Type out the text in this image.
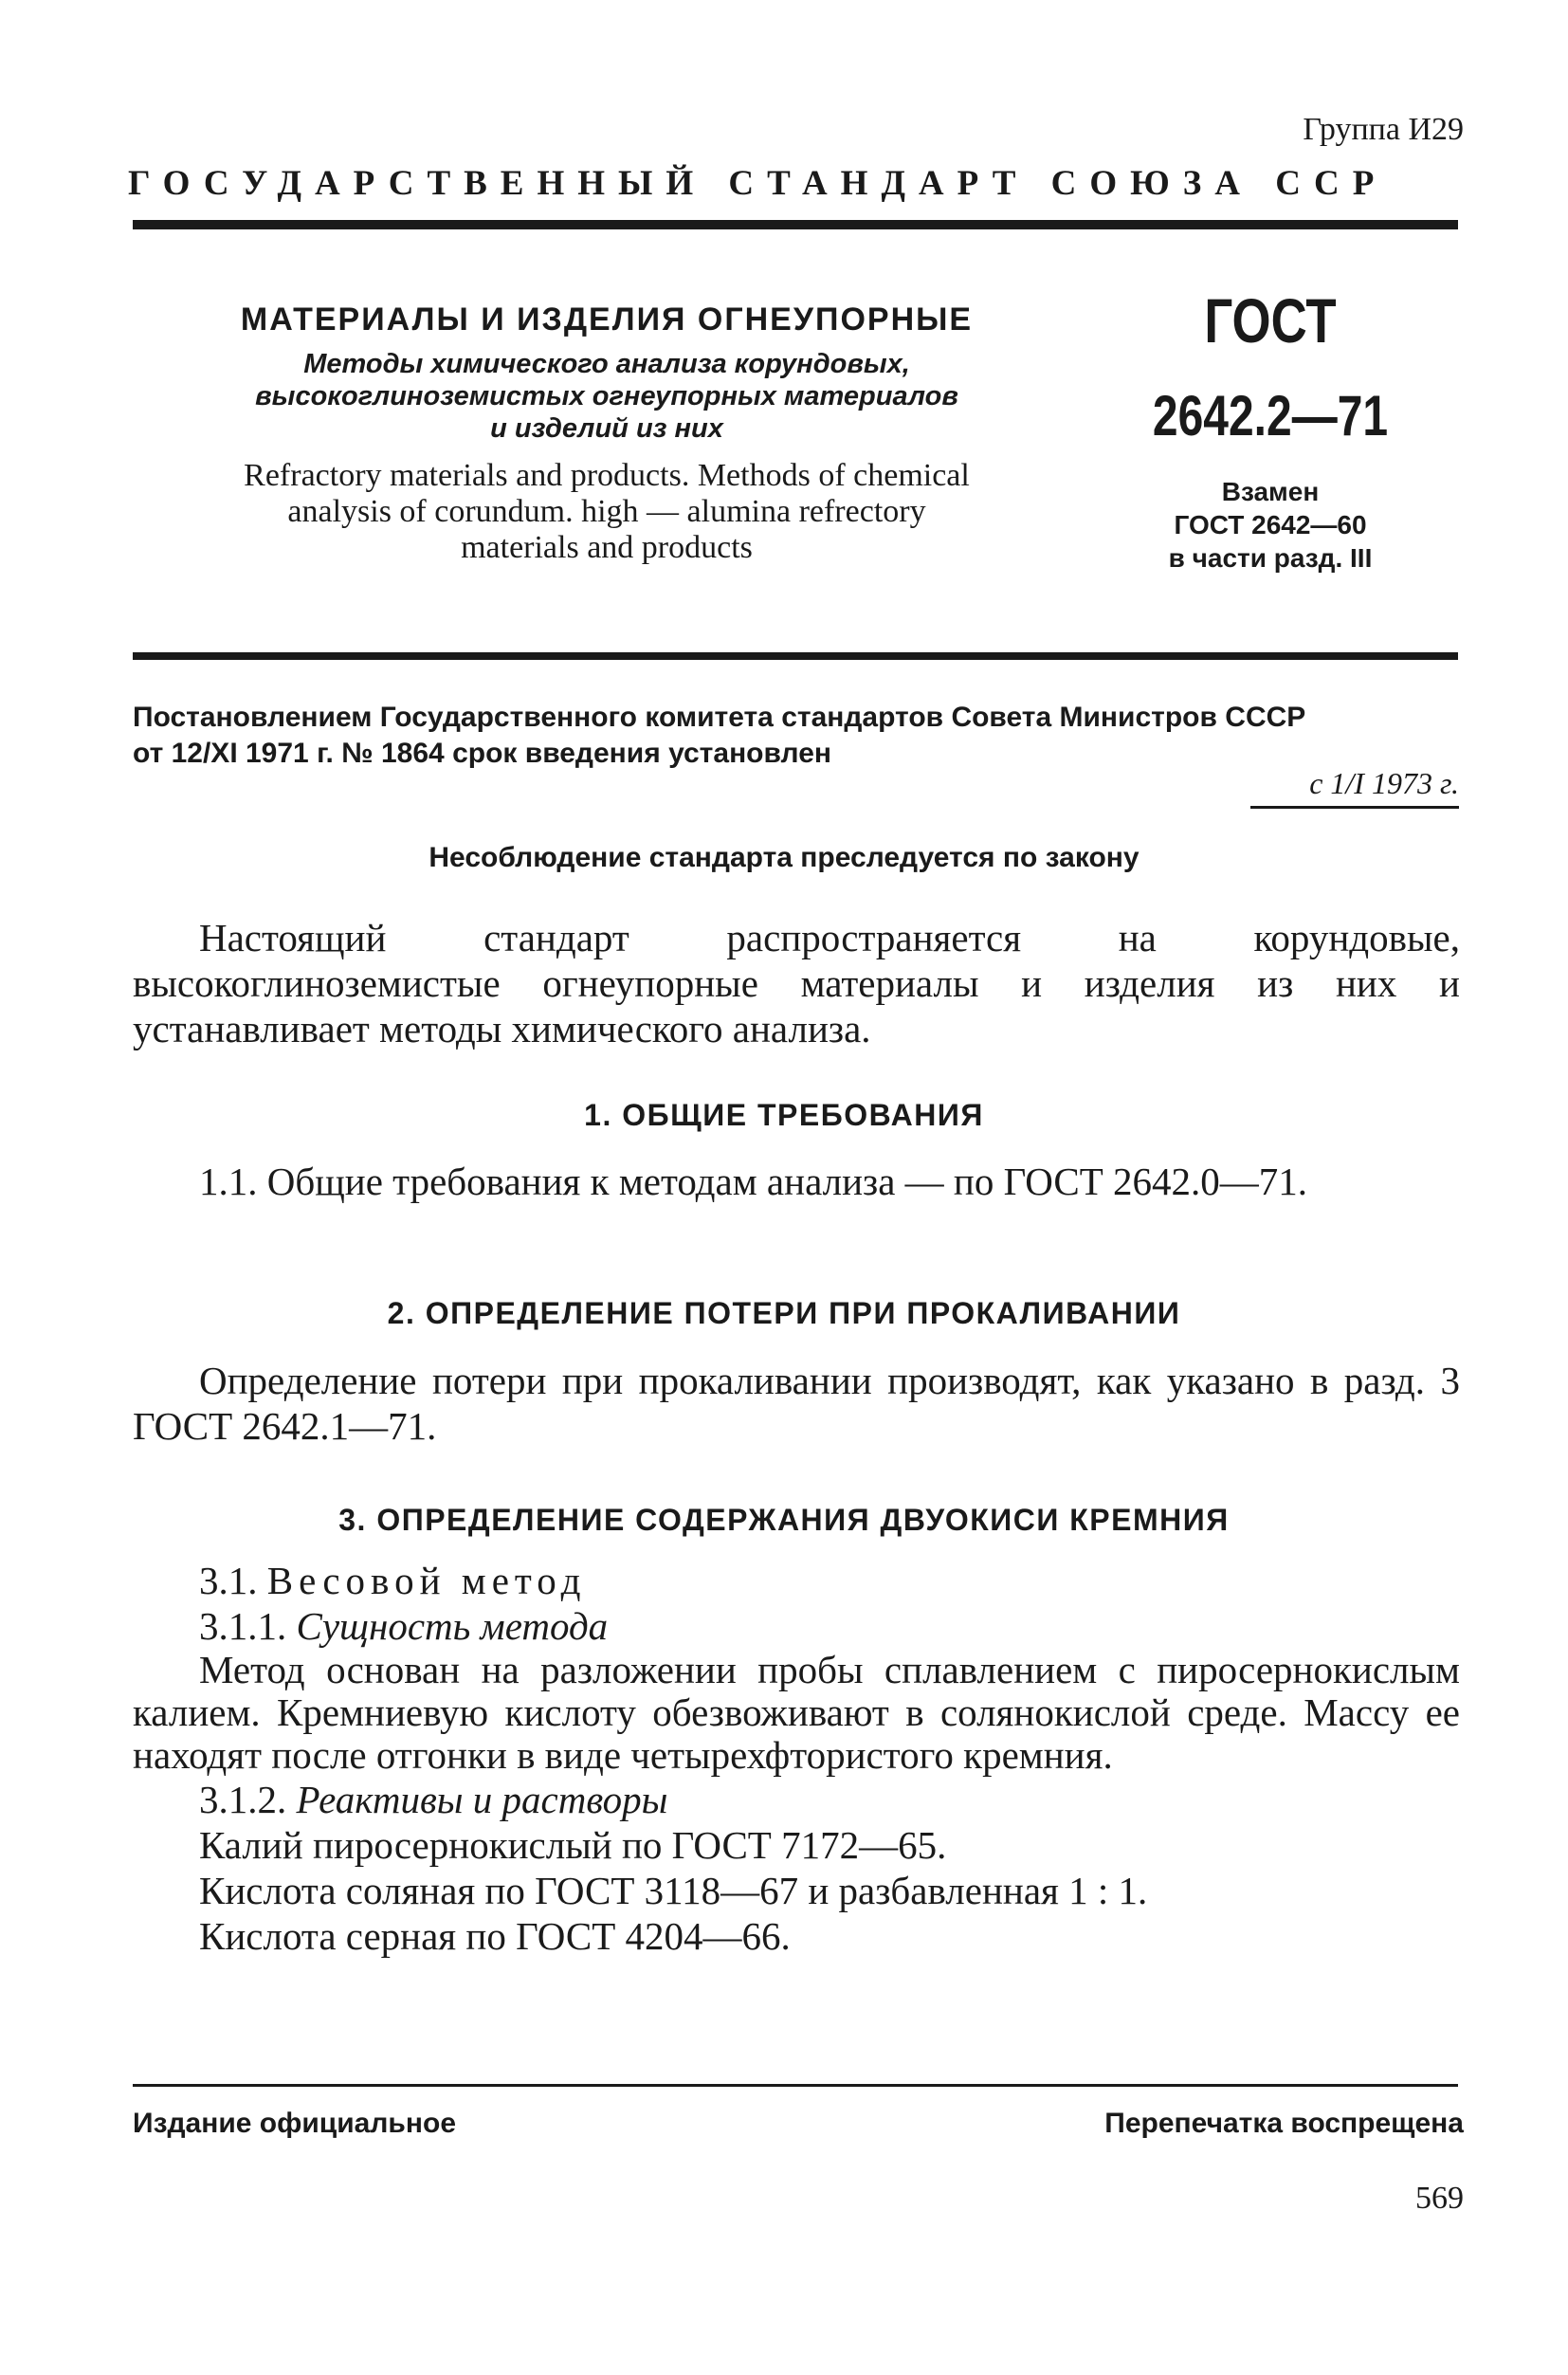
Группа И29
ГОСУДАРСТВЕННЫЙ СТАНДАРТ СОЮЗА ССР
МАТЕРИАЛЫ И ИЗДЕЛИЯ ОГНЕУПОРНЫЕ
Методы химического анализа корундовых,
высокоглиноземистых огнеупорных материалов
и изделий из них
Refractory materials and products. Methods of chemical
analysis of corundum. high — alumina refrectory
materials and products
ГОСТ
2642.2—71
Взамен
ГОСТ 2642—60
в части разд. III
Постановлением Государственного комитета стандартов Совета Министров СССР
от 12/XI 1971 г. № 1864 срок введения установлен
с 1/I 1973 г.
Несоблюдение стандарта преследуется по закону

Настоящий стандарт распространяется на корундовые, высокоглиноземистые огнеупорные материалы и изделия из них и устанавливает методы химического анализа.

1. ОБЩИЕ ТРЕБОВАНИЯ

1.1. Общие требования к методам анализа — по ГОСТ 2642.0—71.

2. ОПРЕДЕЛЕНИЕ ПОТЕРИ ПРИ ПРОКАЛИВАНИИ

Определение потери при прокаливании производят, как указано в разд. 3 ГОСТ 2642.1—71.

3. ОПРЕДЕЛЕНИЕ СОДЕРЖАНИЯ ДВУОКИСИ КРЕМНИЯ
3.1. Весовой метод
3.1.1. Сущность метода

Метод основан на разложении пробы сплавлением с пиросернокислым калием. Кремниевую кислоту обезвоживают в солянокислой среде. Массу ее находят после отгонки в виде четырехфтористого кремния.

3.1.2. Реактивы и растворы
Калий пиросернокислый по ГОСТ 7172—65.
Кислота соляная по ГОСТ 3118—67 и разбавленная 1 : 1.
Кислота серная по ГОСТ 4204—66.
Издание официальное	Перепечатка воспрещена
569
